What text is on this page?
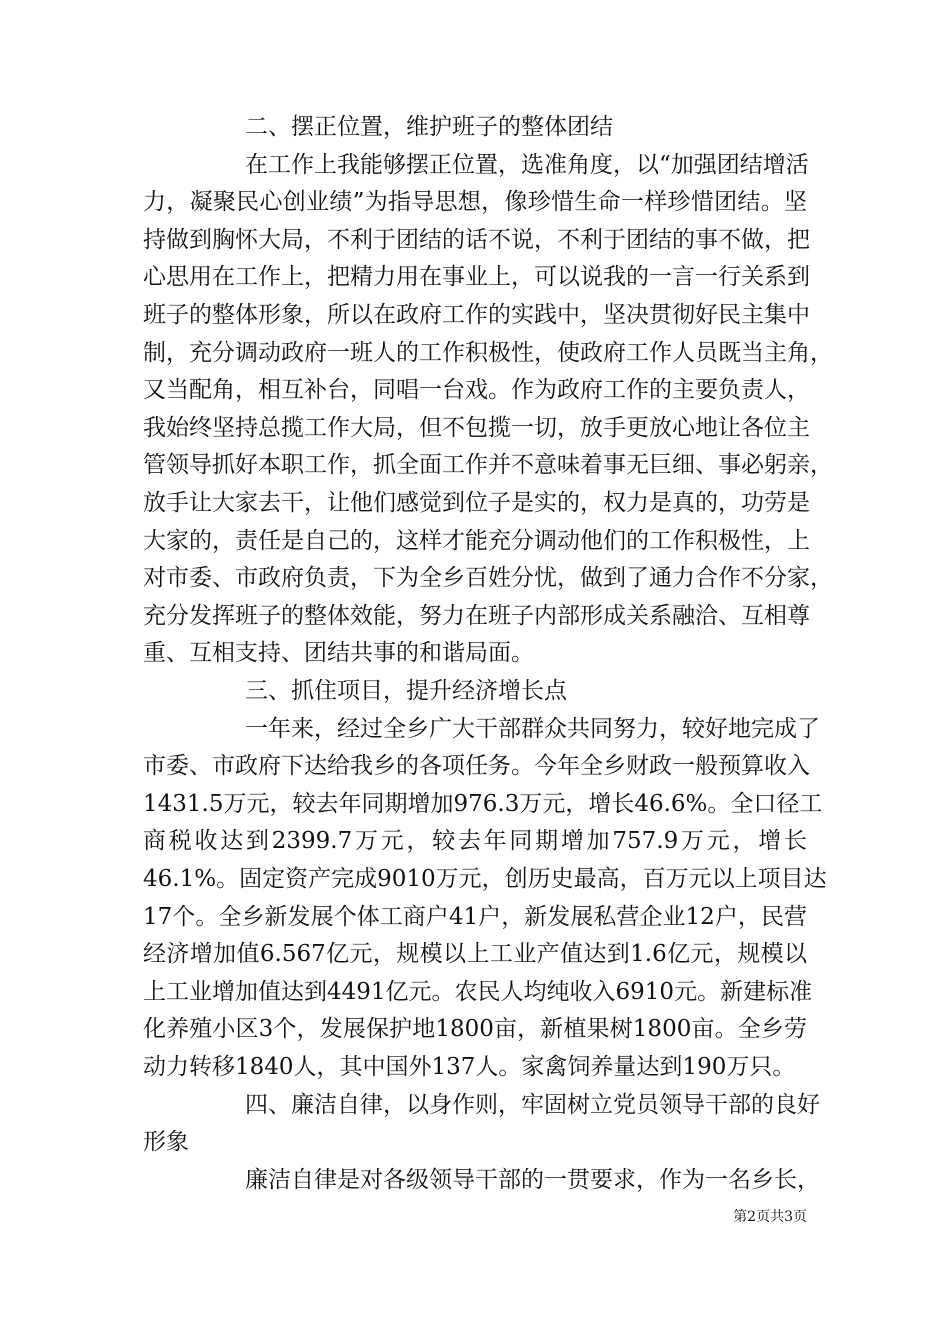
二、摆正位置，维护班子的整体团结
在工作上我能够摆正位置，选准角度，以“加强团结增活
力，凝聚民心创业绩”为指导思想，像珍惜生命一样珍惜团结。坚
持做到胸怀大局，不利于团结的话不说，不利于团结的事不做，把
心思用在工作上，把精力用在事业上，可以说我的一言一行关系到
班子的整体形象，所以在政府工作的实践中，坚决贯彻好民主集中
制，充分调动政府一班人的工作积极性，使政府工作人员既当主角，
又当配角，相互补台，同唱一台戏。作为政府工作的主要负责人，
我始终坚持总揽工作大局，但不包揽一切，放手更放心地让各位主
管领导抓好本职工作，抓全面工作并不意味着事无巨细、事必躬亲，
放手让大家去干，让他们感觉到位子是实的，权力是真的，功劳是
大家的，责任是自己的，这样才能充分调动他们的工作积极性，上
对市委、市政府负责，下为全乡百姓分忧，做到了通力合作不分家，
充分发挥班子的整体效能，努力在班子内部形成关系融洽、互相尊
重、互相支持、团结共事的和谐局面。
三、抓住项目，提升经济增长点
一年来，经过全乡广大干部群众共同努力，较好地完成了
市委、市政府下达给我乡的各项任务。今年全乡财政一般预算收入
1431.5万元，较去年同期增加976.3万元，增长46.6%。全口径工
商税收达到2399.7万元，较去年同期增加757.9万元，增长
46.1%。固定资产完成9010万元，创历史最高，百万元以上项目达
17个。全乡新发展个体工商户41户，新发展私营企业12户，民营
经济增加值6.567亿元，规模以上工业产值达到1.6亿元，规模以
上工业增加值达到4491亿元。农民人均纯收入6910元。新建标准
化养殖小区3个，发展保护地1800亩，新植果树1800亩。全乡劳
动力转移1840人，其中国外137人。家禽饲养量达到190万只。
四、廉洁自律，以身作则，牢固树立党员领导干部的良好
形象
廉洁自律是对各级领导干部的一贯要求，作为一名乡长，
第2页共3页
